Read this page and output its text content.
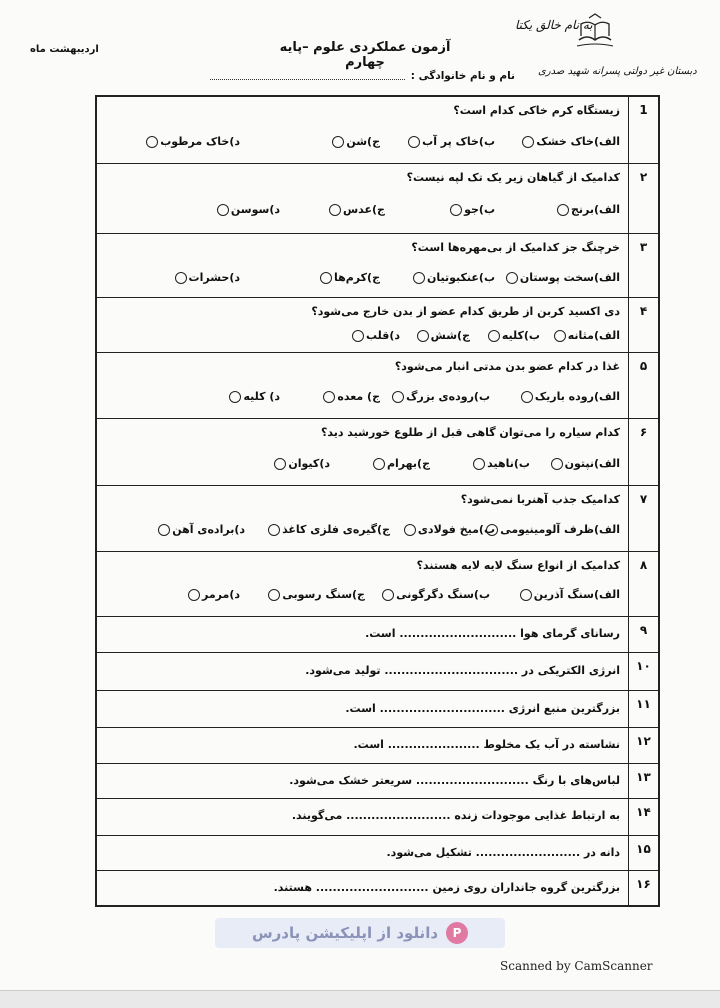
به نام خالق یکتا
دبستان غیر دولتی پسرانه شهید صدری
آزمون عملکردی علوم –پایه چهارم
اردیبهشت ماه
نام و نام خانوادگی :
1
زیستگاه کرم خاکی کدام است؟
الف)خاک خشک
ب)خاک پر آب
ج)شن
د)خاک مرطوب
۲
کدامیک از گیاهان زیر یک تک لپه نیست؟
الف)برنج
ب)جو
ج)عدس
د)سوسن
۳
خرچنگ جز کدامیک از بی‌مهره‌ها است؟
الف)سخت پوستان
ب)عنکبوتیان
ج)کرم‌ها
د)حشرات
۴
دی اکسید کربن از طریق کدام عضو از بدن خارج می‌شود؟
الف)مثانه
ب)کلیه
ج)شش
د)قلب
۵
غذا در کدام عضو بدن مدتی انبار می‌شود؟
الف)روده باریک
ب)روده‌ی بزرگ
ج) معده
د) کلیه
۶
کدام سیاره را می‌توان گاهی قبل از طلوع خورشید دید؟
الف)نپتون
ب)ناهید
ج)بهرام
د)کیوان
۷
کدامیک جذب آهنربا نمی‌شود؟
الف)ظرف آلومینیومی
ب)میخ فولادی
ج)گیره‌ی فلزی کاغذ
د)براده‌ی آهن
۸
کدامیک از انواع سنگ لایه لایه هستند؟
الف)سنگ آذرین
ب)سنگ دگرگونی
ج)سنگ رسوبی
د)مرمر
۹
رسانای گرمای هوا ............................ است.
۱۰
انرژی الکتریکی در ................................ تولید می‌شود.
۱۱
بزرگترین منبع انرژی .............................. است.
۱۲
نشاسته در آب یک مخلوط ...................... است.
۱۳
لباس‌های با رنگ ........................... سریعتر خشک می‌شود.
۱۴
به ارتباط غذایی موجودات زنده ......................... می‌گویند.
۱۵
دانه در ......................... تشکیل می‌شود.
۱۶
بزرگترین گروه جانداران روی زمین ........................... هستند.
P
دانلود از اپلیکیشن پادرس
Scanned by CamScanner
